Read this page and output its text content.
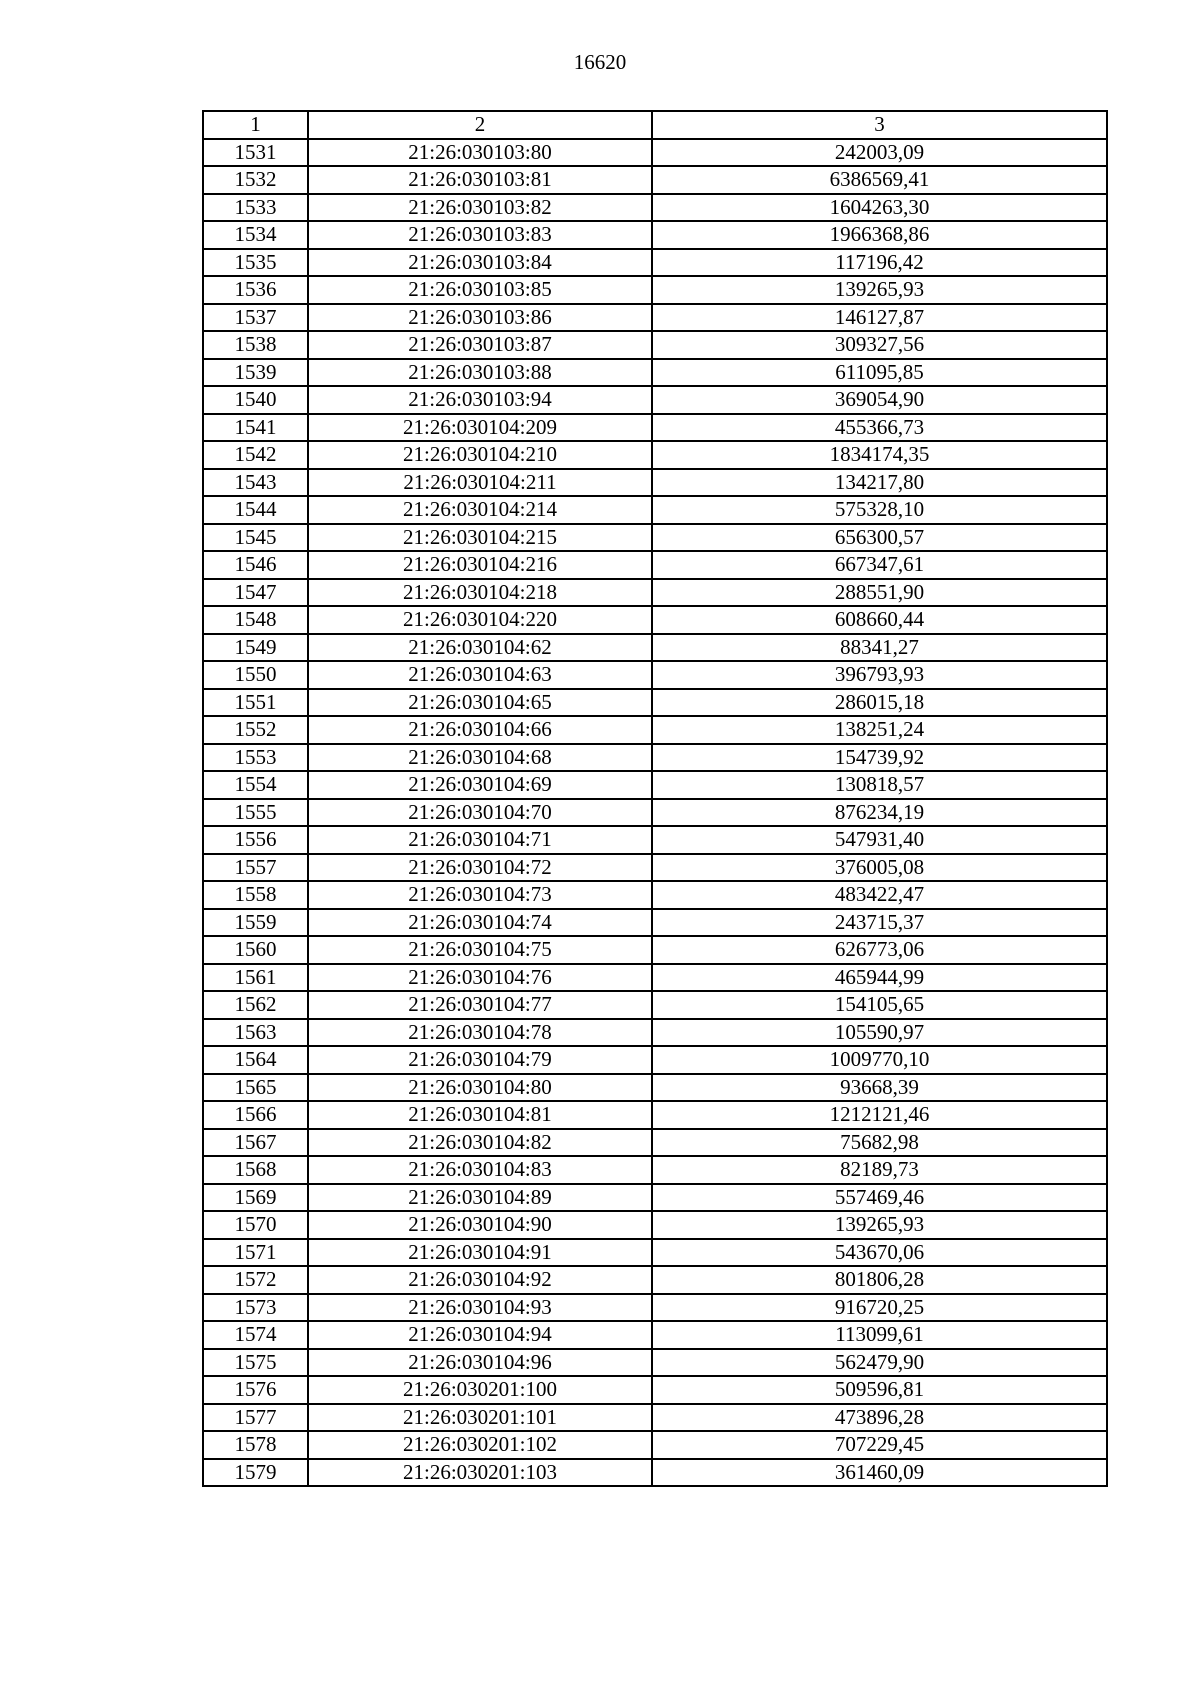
16620
1	2	3
1531	21:26:030103:80	242003,09
1532	21:26:030103:81	6386569,41
1533	21:26:030103:82	1604263,30
1534	21:26:030103:83	1966368,86
1535	21:26:030103:84	117196,42
1536	21:26:030103:85	139265,93
1537	21:26:030103:86	146127,87
1538	21:26:030103:87	309327,56
1539	21:26:030103:88	611095,85
1540	21:26:030103:94	369054,90
1541	21:26:030104:209	455366,73
1542	21:26:030104:210	1834174,35
1543	21:26:030104:211	134217,80
1544	21:26:030104:214	575328,10
1545	21:26:030104:215	656300,57
1546	21:26:030104:216	667347,61
1547	21:26:030104:218	288551,90
1548	21:26:030104:220	608660,44
1549	21:26:030104:62	88341,27
1550	21:26:030104:63	396793,93
1551	21:26:030104:65	286015,18
1552	21:26:030104:66	138251,24
1553	21:26:030104:68	154739,92
1554	21:26:030104:69	130818,57
1555	21:26:030104:70	876234,19
1556	21:26:030104:71	547931,40
1557	21:26:030104:72	376005,08
1558	21:26:030104:73	483422,47
1559	21:26:030104:74	243715,37
1560	21:26:030104:75	626773,06
1561	21:26:030104:76	465944,99
1562	21:26:030104:77	154105,65
1563	21:26:030104:78	105590,97
1564	21:26:030104:79	1009770,10
1565	21:26:030104:80	93668,39
1566	21:26:030104:81	1212121,46
1567	21:26:030104:82	75682,98
1568	21:26:030104:83	82189,73
1569	21:26:030104:89	557469,46
1570	21:26:030104:90	139265,93
1571	21:26:030104:91	543670,06
1572	21:26:030104:92	801806,28
1573	21:26:030104:93	916720,25
1574	21:26:030104:94	113099,61
1575	21:26:030104:96	562479,90
1576	21:26:030201:100	509596,81
1577	21:26:030201:101	473896,28
1578	21:26:030201:102	707229,45
1579	21:26:030201:103	361460,09
